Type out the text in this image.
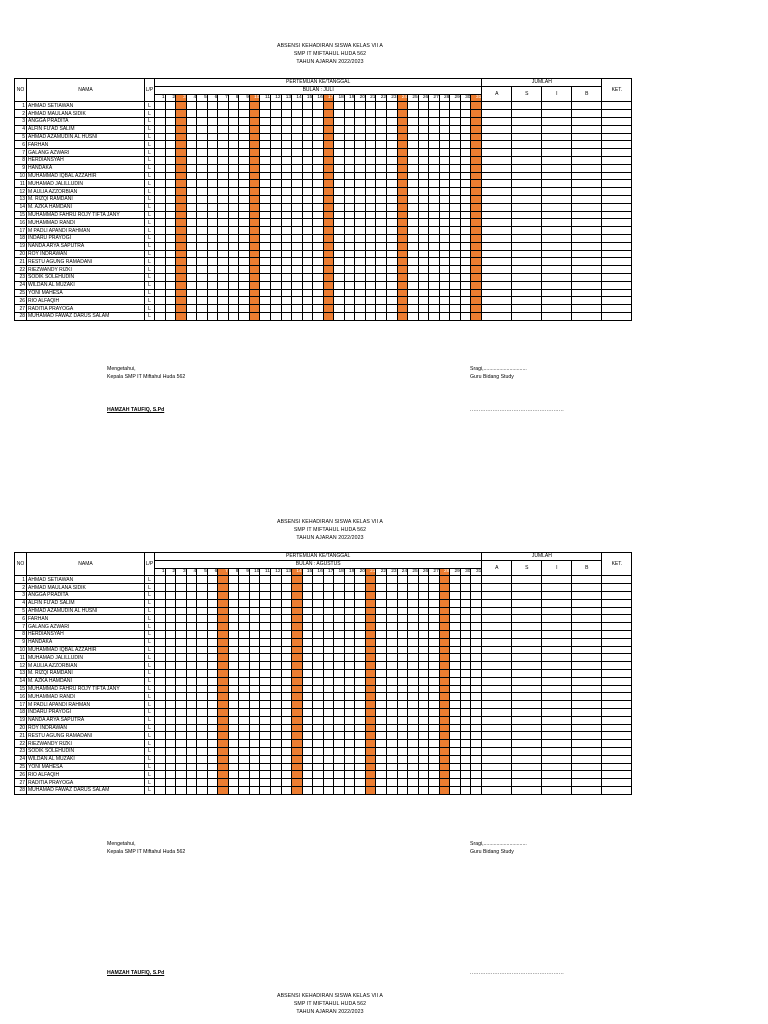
ABSENSI KEHADIRAN SISWA KELAS VII A
SMP IT MIFTAHUL HUDA 562
TAHUN AJARAN 2022/2023
NO	NAMA	L/P	PERTEMUAN KE/TANGGAL																															JUMLAH				KET.
			BULAN : JULI																															A	S	I	B	
			1	2	3	4	5	6	7	8	9	10	11	12	13	14	15	16	17	18	19	20	21	22	23	24	25	26	27	28	29	30	31					
1	AHMAD SETIAWAN	L																																				
2	AHMAD MAULANA SIDIK	L																																				
3	ANGGA PRADITA	L																																				
4	ALFIN FU'AD SALIM	L																																				
5	AHMAD AZAMUDIN AL HUSNI	L																																				
6	FARHAN	L																																				
7	GALANG AZWARI	L																																				
8	HERDIANSYAH	L																																				
9	HANDAKA	L																																				
10	MUHAMMAD IQBAL AZZAHIR	L																																				
11	MUHAMAD JALILLUDIN	L																																				
12	M AULIA AZZORBIAN	L																																				
13	M. RIZQI RAMDANI	L																																				
14	M. AZKA HAMDANI	L																																				
15	MUHAMMAD FAHRU ROJY TIFTA JANY	L																																				
16	MUHAMMAD RANDI	L																																				
17	M PADLI APANDI RAHMAN	L																																				
18	INDARU PRAYOGI	L																																				
19	NANDA ARYA SAPUTRA	L																																				
20	ROY INDRAWAN	L																																				
21	RESTU AGUNG RAMADANI	L																																				
22	RIEZWANDY RIZKI	L																																				
23	SODIK SOLEHUDIN	L																																				
24	WILDAN AL MUZAKI	L																																				
25	YONI MAHESA	L																																				
26	RIO ALFAQIH	L																																				
27	RADITIA PRAYOGA	L																																				
28	MUHAMAD FAWAZ DARUS SALAM	L																																				
Mengetahui,
Kepala SMP IT Miftahul Huda 562
Sragi,..............................
Guru Bidang Study
HAMZAH TAUFIQ, S.Pd	......................................................
ABSENSI KEHADIRAN SISWA KELAS VII A
SMP IT MIFTAHUL HUDA 562
TAHUN AJARAN 2022/2023
NO	NAMA	L/P	PERTEMUAN KE/TANGGAL																															JUMLAH				KET.
			BULAN : AGUSTUS																															A	S	I	B	
			1	2	3	4	5	6	7	8	9	10	11	12	13	14	15	16	17	18	19	20	21	22	23	24	25	26	27	28	29	30	31					
1	AHMAD SETIAWAN	L																																				
2	AHMAD MAULANA SIDIK	L																																				
3	ANGGA PRADITA	L																																				
4	ALFIN FU'AD SALIM	L																																				
5	AHMAD AZAMUDIN AL HUSNI	L																																				
6	FARHAN	L																																				
7	GALANG AZWARI	L																																				
8	HERDIANSYAH	L																																				
9	HANDAKA	L																																				
10	MUHAMMAD IQBAL AZZAHIR	L																																				
11	MUHAMAD JALILLUDIN	L																																				
12	M AULIA AZZORBIAN	L																																				
13	M. RIZQI RAMDANI	L																																				
14	M. AZKA HAMDANI	L																																				
15	MUHAMMAD FAHRU ROJY TIFTA JANY	L																																				
16	MUHAMMAD RANDI	L																																				
17	M PADLI APANDI RAHMAN	L																																				
18	INDARU PRAYOGI	L																																				
19	NANDA ARYA SAPUTRA	L																																				
20	ROY INDRAWAN	L																																				
21	RESTU AGUNG RAMADANI	L																																				
22	RIEZWANDY RIZKI	L																																				
23	SODIK SOLEHUDIN	L																																				
24	WILDAN AL MUZAKI	L																																				
25	YONI MAHESA	L																																				
26	RIO ALFAQIH	L																																				
27	RADITIA PRAYOGA	L																																				
28	MUHAMAD FAWAZ DARUS SALAM	L																																				
Mengetahui,
Kepala SMP IT Miftahul Huda 562
Sragi,..............................
Guru Bidang Study
HAMZAH TAUFIQ, S.Pd	......................................................
ABSENSI KEHADIRAN SISWA KELAS VII A
SMP IT MIFTAHUL HUDA 562
TAHUN AJARAN 2022/2023
